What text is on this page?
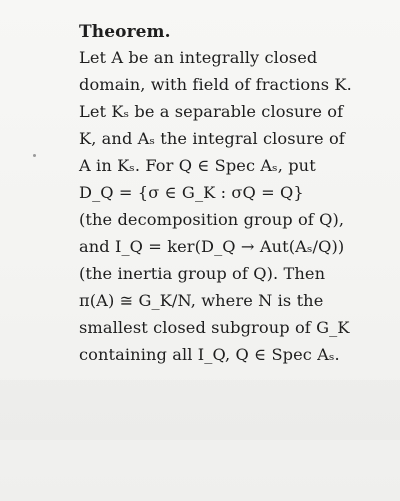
Theorem.
Let A be an integrally closed
domain, with field of fractions K.
Let Kₛ be a separable closure of
K, and Aₛ the integral closure of
A in Kₛ. For Q ∈ Spec Aₛ, put
D_Q = {σ ∈ G_K : σQ = Q}
(the decomposition group of Q),
and I_Q = ker(D_Q → Aut(Aₛ/Q))
(the inertia group of Q). Then
π(A) ≅ G_K/N, where N is the
smallest closed subgroup of G_K
containing all I_Q, Q ∈ Spec Aₛ.
